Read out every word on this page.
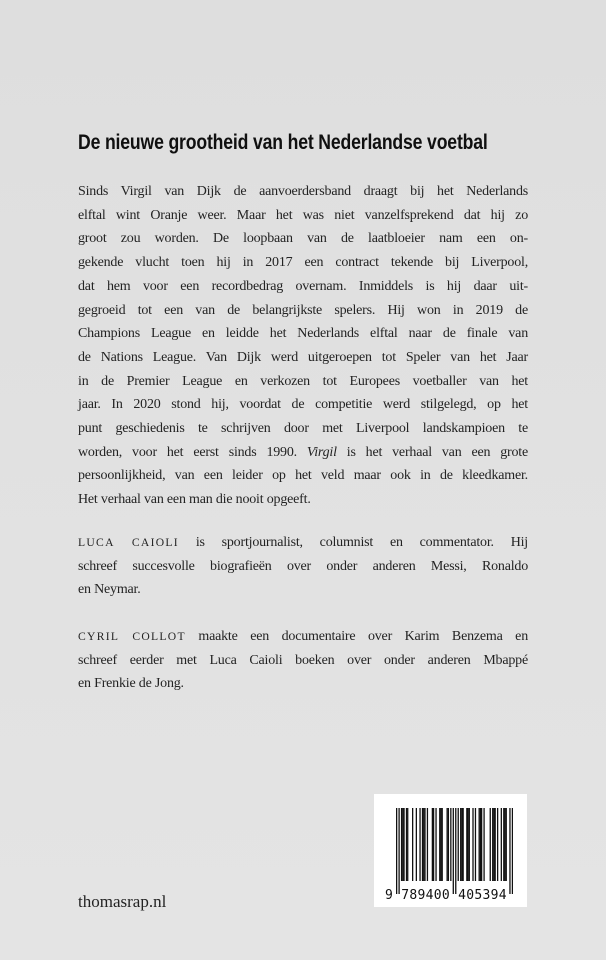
De nieuwe grootheid van het Nederlandse voetbal
Sinds Virgil van Dijk de aanvoerdersband draagt bij het Nederlands
elftal wint Oranje weer. Maar het was niet vanzelfsprekend dat hij zo
groot zou worden. De loopbaan van de laatbloeier nam een on-
gekende vlucht toen hij in 2017 een contract tekende bij Liverpool,
dat hem voor een recordbedrag overnam. Inmiddels is hij daar uit-
gegroeid tot een van de belangrijkste spelers. Hij won in 2019 de
Champions League en leidde het Nederlands elftal naar de finale van
de Nations League. Van Dijk werd uitgeroepen tot Speler van het Jaar
in de Premier League en verkozen tot Europees voetballer van het
jaar. In 2020 stond hij, voordat de competitie werd stilgelegd, op het
punt geschiedenis te schrijven door met Liverpool landskampioen te
worden, voor het eerst sinds 1990. Virgil is het verhaal van een grote
persoonlijkheid, van een leider op het veld maar ook in de kleedkamer.
Het verhaal van een man die nooit opgeeft.
LUCA CAIOLI is sportjournalist, columnist en commentator. Hij
schreef succesvolle biografieën over onder anderen Messi, Ronaldo
en Neymar.
CYRIL COLLOT maakte een documentaire over Karim Benzema en
schreef eerder met Luca Caioli boeken over onder anderen Mbappé
en Frenkie de Jong.
9 789400 405394
thomasrap.nl
